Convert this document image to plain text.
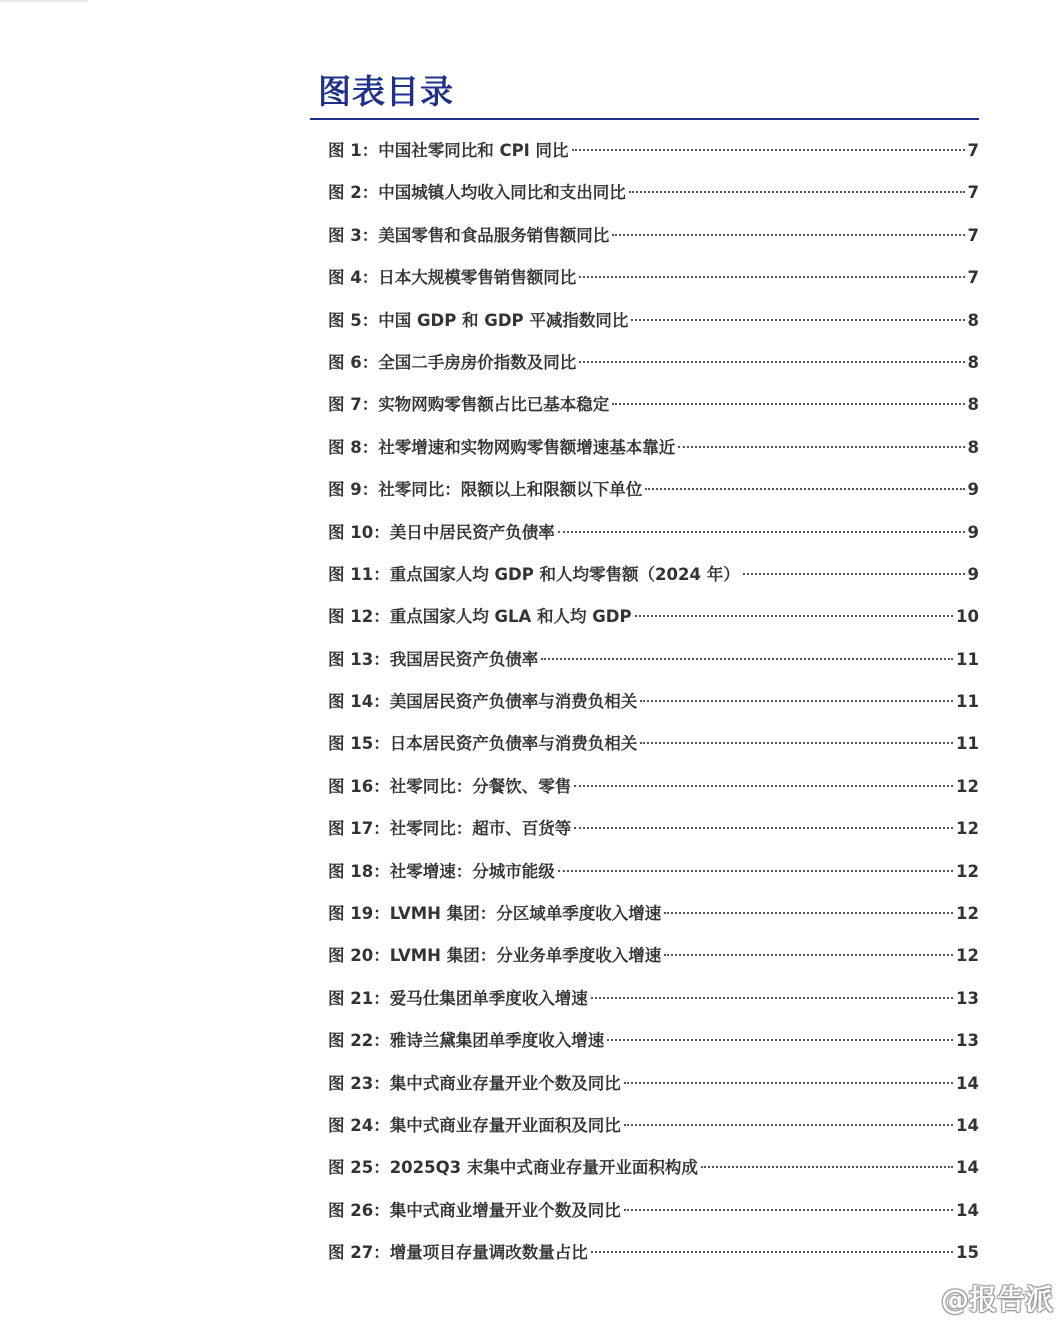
图表目录
图 1：中国社零同比和 CPI 同比	7
图 2：中国城镇人均收入同比和支出同比	7
图 3：美国零售和食品服务销售额同比	7
图 4：日本大规模零售销售额同比	7
图 5：中国 GDP 和 GDP 平减指数同比	8
图 6：全国二手房房价指数及同比	8
图 7：实物网购零售额占比已基本稳定	8
图 8：社零增速和实物网购零售额增速基本靠近	8
图 9：社零同比：限额以上和限额以下单位	9
图 10：美日中居民资产负债率	9
图 11：重点国家人均 GDP 和人均零售额（2024 年）	9
图 12：重点国家人均 GLA 和人均 GDP	10
图 13：我国居民资产负债率	11
图 14：美国居民资产负债率与消费负相关	11
图 15：日本居民资产负债率与消费负相关	11
图 16：社零同比：分餐饮、零售	12
图 17：社零同比：超市、百货等	12
图 18：社零增速：分城市能级	12
图 19：LVMH 集团：分区域单季度收入增速	12
图 20：LVMH 集团：分业务单季度收入增速	12
图 21：爱马仕集团单季度收入增速	13
图 22：雅诗兰黛集团单季度收入增速	13
图 23：集中式商业存量开业个数及同比	14
图 24：集中式商业存量开业面积及同比	14
图 25：2025Q3 末集中式商业存量开业面积构成	14
图 26：集中式商业增量开业个数及同比	14
图 27：增量项目存量调改数量占比	15
@报告派
